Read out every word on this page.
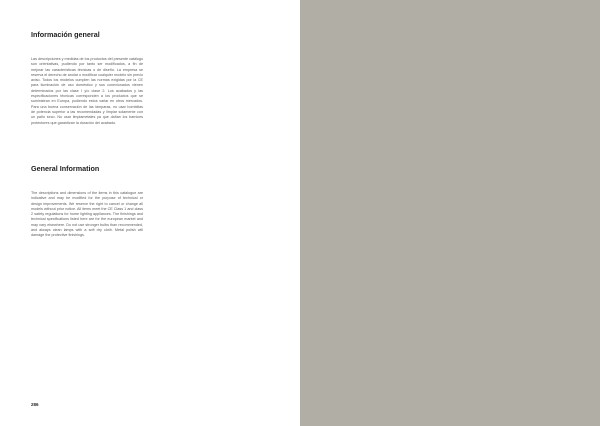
Información general

Las descripciones y medidas de los productos del presente catálogo son orientativas, pudiendo por tanto ser modificados, a fin de mejorar las características técnicas o de diseño. La empresa se reserva el derecho de anular o modificar cualquier modelo sin previo aviso. Todos los modelos cumplen las normas exigidas por la CE para iluminación de uso doméstico y sus conexionados vienen determinados por las clase I y/o clase 2. Los acabados y las especificaciones técnicas corresponden a los productos que se suministran en Europa, pudiendo estos variar en otros mercados. Para una buena conservación de las lámparas, no usar bombillas de potencia superior a las recomendadas y limpiar solamente con un paño seco. No usar limpiametales ya que dañan los barnices protectores que garantizan la duración del acabado.

General Information

The descriptions and dimensions of the items in this catalogue are indicative and may be modified for the purpose of technical or design improvements. We reserve the right to cancel or change all models without prior notice. All items meet the CE Class 1 and class 2 safety regulations for home lighting appliances. The finishings and technical specifications listed here are for the european market and may vary elsewhere. Do not use stronger bulbs than recommended, and always clean lamps with a soft dry cloth. Metal polish will damage the protective finishings.

286
